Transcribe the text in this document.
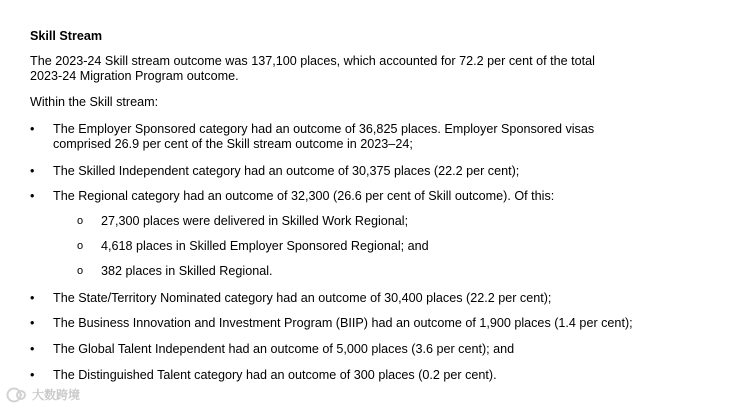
Skill Stream
The 2023-24 Skill stream outcome was 137,100 places, which accounted for 72.2 per cent of the total
2023-24 Migration Program outcome.
Within the Skill stream:
•	The Employer Sponsored category had an outcome of 36,825 places. Employer Sponsored visas
comprised 26.9 per cent of the Skill stream outcome in 2023–24;
•	The Skilled Independent category had an outcome of 30,375 places (22.2 per cent);
•	The Regional category had an outcome of 32,300 (26.6 per cent of Skill outcome). Of this:
o 27,300 places were delivered in Skilled Work Regional;
o 4,618 places in Skilled Employer Sponsored Regional; and
o 382 places in Skilled Regional.
•	The State/Territory Nominated category had an outcome of 30,400 places (22.2 per cent);
•	The Business Innovation and Investment Program (BIIP) had an outcome of 1,900 places (1.4 per cent);
•	The Global Talent Independent had an outcome of 5,000 places (3.6 per cent); and
•	The Distinguished Talent category had an outcome of 300 places (0.2 per cent).
大数跨境
